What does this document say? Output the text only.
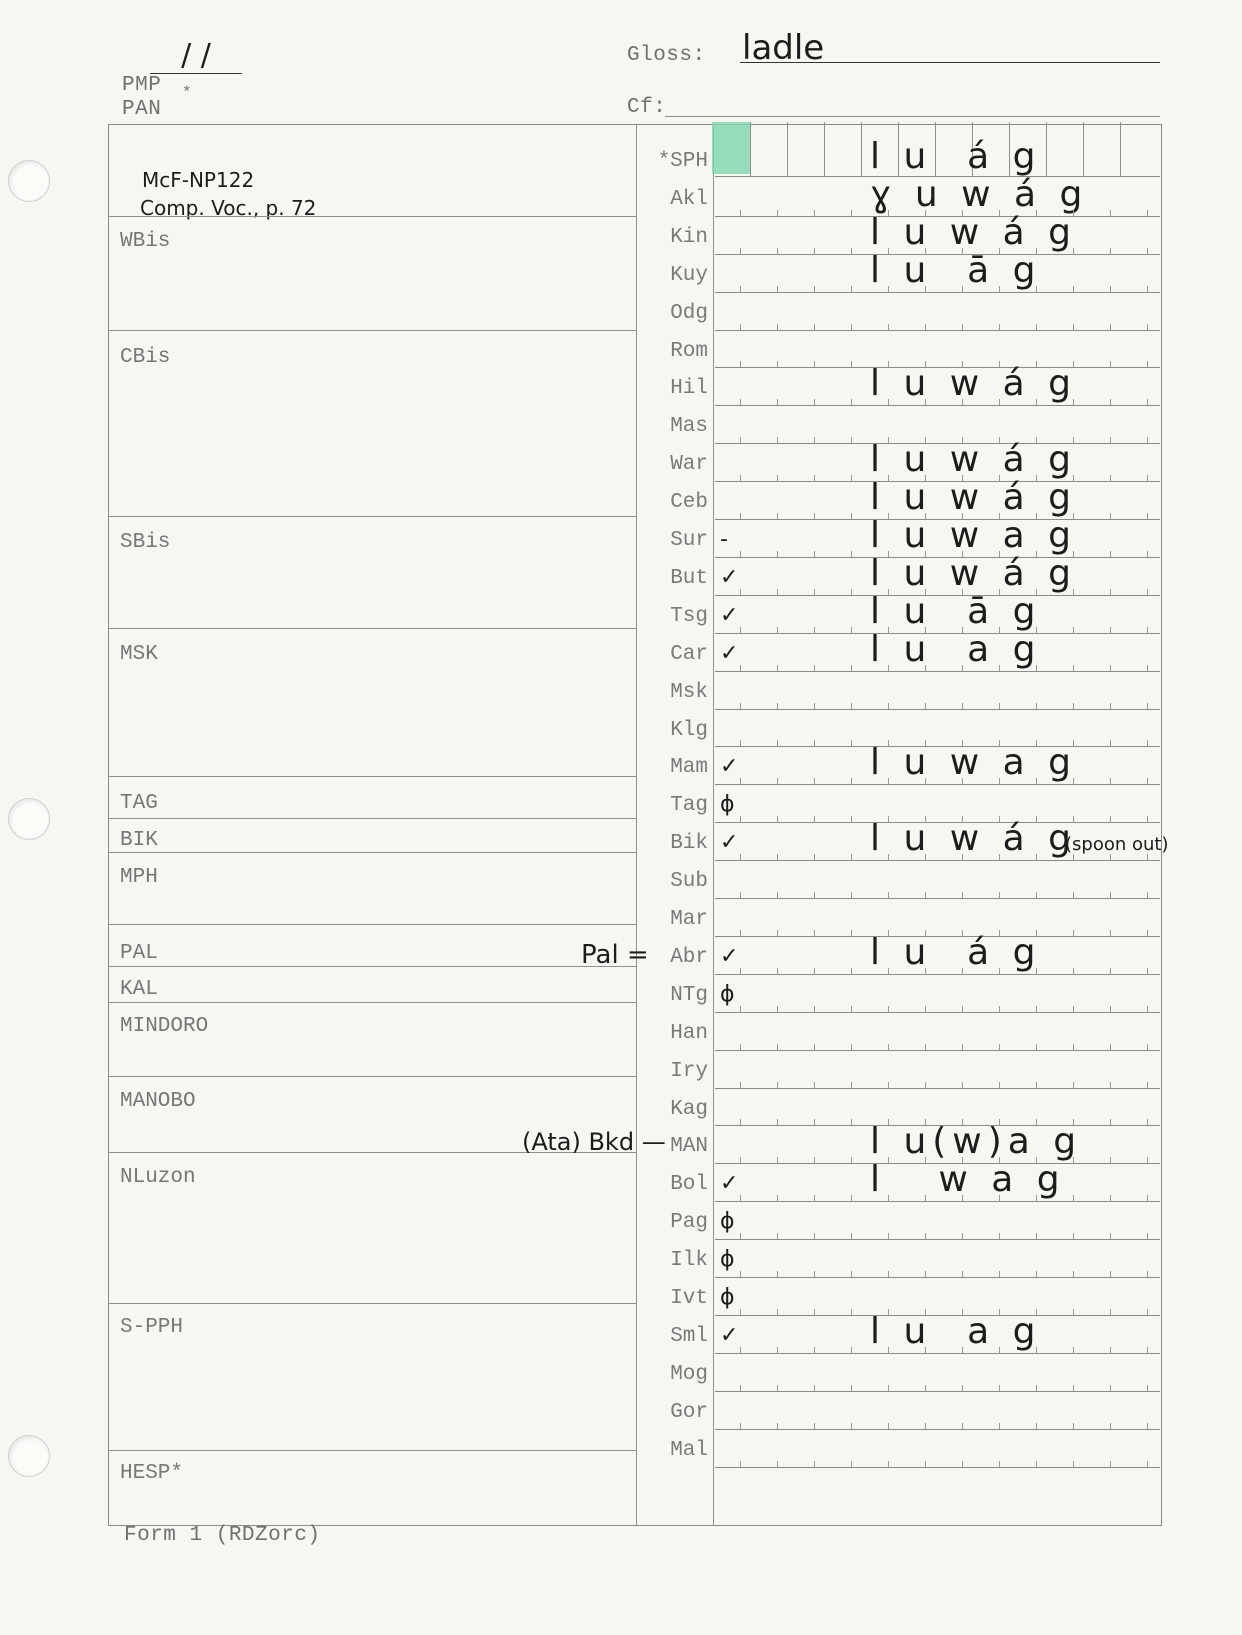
/ /
PMP *
PAN
Gloss: ladle
Cf:
McF-NP122
Comp. Voc., p. 72
WBis
CBis
SBis
MSK
TAG
BIK
MPH
PAL
KAL
MINDORO
MANOBO
NLuzon
S-PPH
HESP*
Pal =
(Ata) Bkd —
*SPH	l u  á g
Akl	ɣ u w á g
Kin	l u w á g
Kuy	l u  ā g
Odg
Rom
Hil	l u w á g
Mas
War	l u w á g
Ceb	l u w á g
Sur -	l u w a g
But ✓	l u w á g
Tsg ✓	l u  ā g
Car ✓	l u  a g
Msk
Klg
Mam ✓	l u w a g
Tag ϕ
Bik ✓	l u w á g
(spoon out)
Sub
Mar
Abr ✓	l u  á g
NTg ϕ
Han
Iry
Kag
MAN	l u(w)a g
Bol ✓	l   w a g
Pag ϕ
Ilk ϕ
Ivt ϕ
Sml ✓	l u  a g
Mog
Gor
Mal
Form 1 (RDZorc)
